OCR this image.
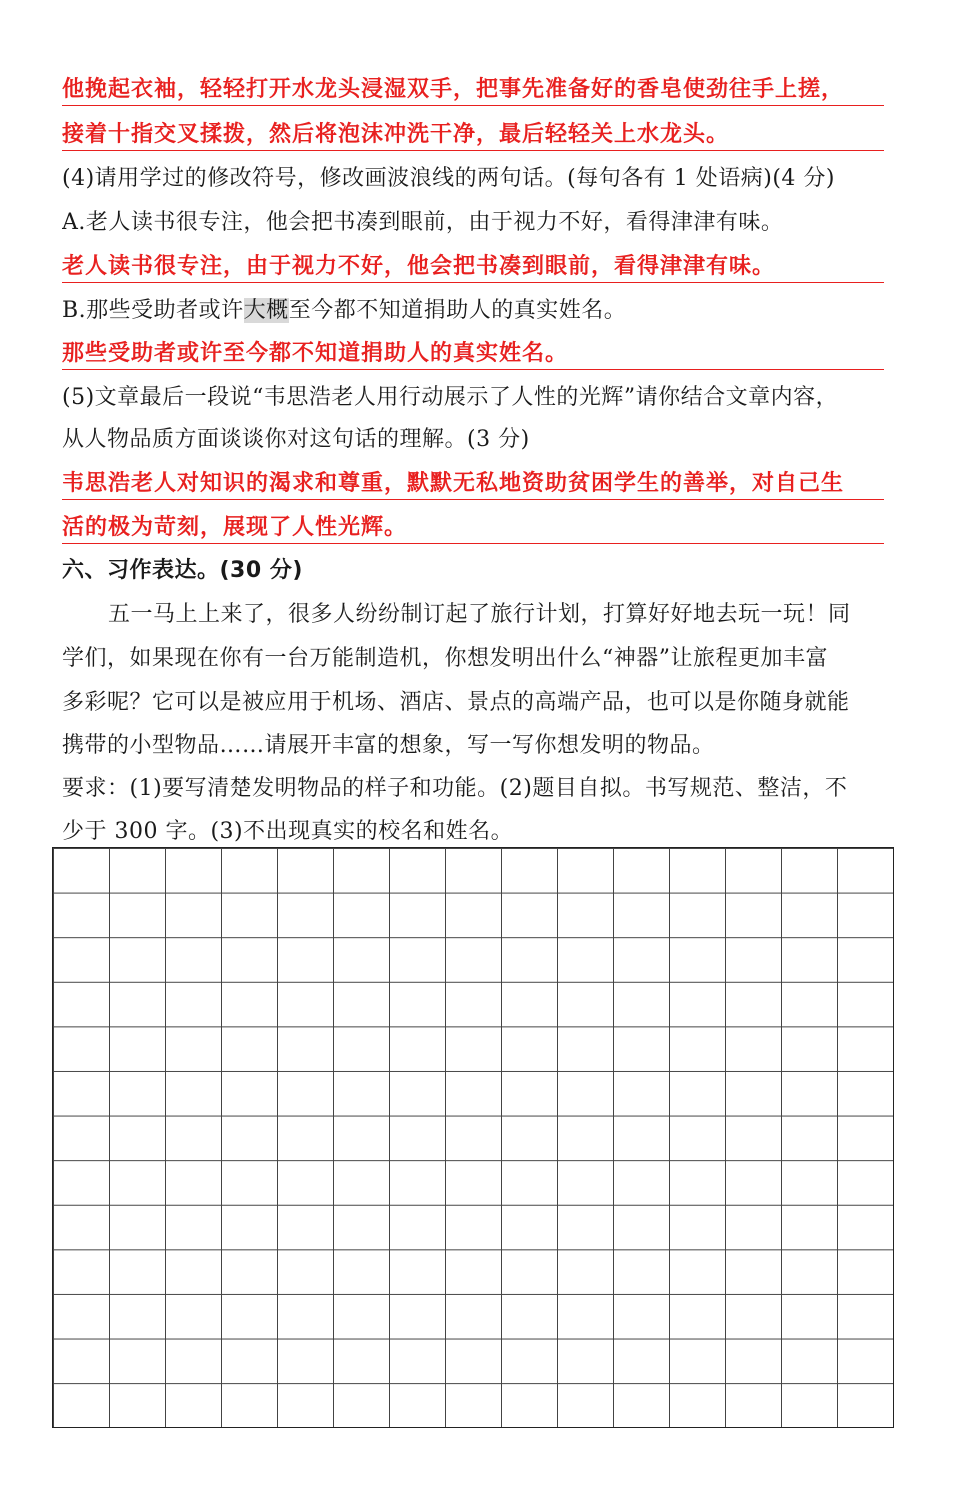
他挽起衣袖，轻轻打开水龙头浸湿双手，把事先准备好的香皂使劲往手上搓，
接着十指交叉揉拨，然后将泡沫冲洗干净，最后轻轻关上水龙头。
(4)请用学过的修改符号，修改画波浪线的两句话。(每句各有 1 处语病)(4 分)
A.老人读书很专注，他会把书凑到眼前，由于视力不好，看得津津有味。
老人读书很专注，由于视力不好，他会把书凑到眼前，看得津津有味。
B.那些受助者或许大概至今都不知道捐助人的真实姓名。
那些受助者或许至今都不知道捐助人的真实姓名。
(5)文章最后一段说“韦思浩老人用行动展示了人性的光辉”请你结合文章内容，
从人物品质方面谈谈你对这句话的理解。(3 分)
韦思浩老人对知识的渴求和尊重，默默无私地资助贫困学生的善举，对自己生
活的极为苛刻，展现了人性光辉。
六、习作表达。(30 分)
五一马上上来了，很多人纷纷制订起了旅行计划，打算好好地去玩一玩！同
学们，如果现在你有一台万能制造机，你想发明出什么“神器”让旅程更加丰富
多彩呢？它可以是被应用于机场、酒店、景点的高端产品，也可以是你随身就能
携带的小型物品……请展开丰富的想象，写一写你想发明的物品。
要求：(1)要写清楚发明物品的样子和功能。(2)题目自拟。书写规范、整洁，不
少于 300 字。(3)不出现真实的校名和姓名。
